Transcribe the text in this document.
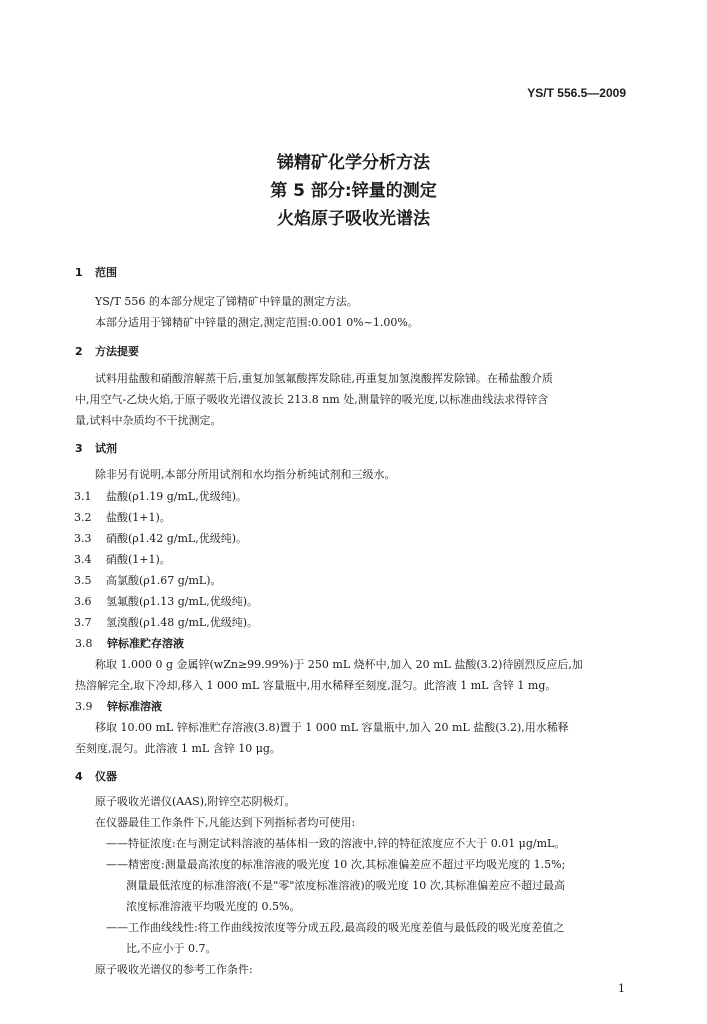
YS/T 556.5—2009
锑精矿化学分析方法
第 5 部分:锌量的测定
火焰原子吸收光谱法
1 范围
YS/T 556 的本部分规定了锑精矿中锌量的测定方法。
本部分适用于锑精矿中锌量的测定,测定范围:0.001 0%~1.00%。
2 方法提要
试料用盐酸和硝酸溶解蒸干后,重复加氢氟酸挥发除硅,再重复加氢溴酸挥发除锑。在稀盐酸介质
中,用空气-乙炔火焰,于原子吸收光谱仪波长 213.8 nm 处,测量锌的吸光度,以标准曲线法求得锌含
量,试料中杂质均不干扰测定。
3 试剂
除非另有说明,本部分所用试剂和水均指分析纯试剂和三级水。
3.1 盐酸(ρ1.19 g/mL,优级纯)。
3.2 盐酸(1+1)。
3.3 硝酸(ρ1.42 g/mL,优级纯)。
3.4 硝酸(1+1)。
3.5 高氯酸(ρ1.67 g/mL)。
3.6 氢氟酸(ρ1.13 g/mL,优级纯)。
3.7 氢溴酸(ρ1.48 g/mL,优级纯)。
3.8 锌标准贮存溶液
称取 1.000 0 g 金属锌(wZn≥99.99%)于 250 mL 烧杯中,加入 20 mL 盐酸(3.2)待剧烈反应后,加
热溶解完全,取下冷却,移入 1 000 mL 容量瓶中,用水稀释至刻度,混匀。此溶液 1 mL 含锌 1 mg。
3.9 锌标准溶液
移取 10.00 mL 锌标准贮存溶液(3.8)置于 1 000 mL 容量瓶中,加入 20 mL 盐酸(3.2),用水稀释
至刻度,混匀。此溶液 1 mL 含锌 10 μg。
4 仪器
原子吸收光谱仪(AAS),附锌空芯阴极灯。
在仪器最佳工作条件下,凡能达到下列指标者均可使用:
——特征浓度:在与测定试料溶液的基体相一致的溶液中,锌的特征浓度应不大于 0.01 μg/mL。
——精密度:测量最高浓度的标准溶液的吸光度 10 次,其标准偏差应不超过平均吸光度的 1.5%;
测量最低浓度的标准溶液(不是"零"浓度标准溶液)的吸光度 10 次,其标准偏差应不超过最高
浓度标准溶液平均吸光度的 0.5%。
——工作曲线线性:将工作曲线按浓度等分成五段,最高段的吸光度差值与最低段的吸光度差值之
比,不应小于 0.7。
原子吸收光谱仪的参考工作条件:
1
